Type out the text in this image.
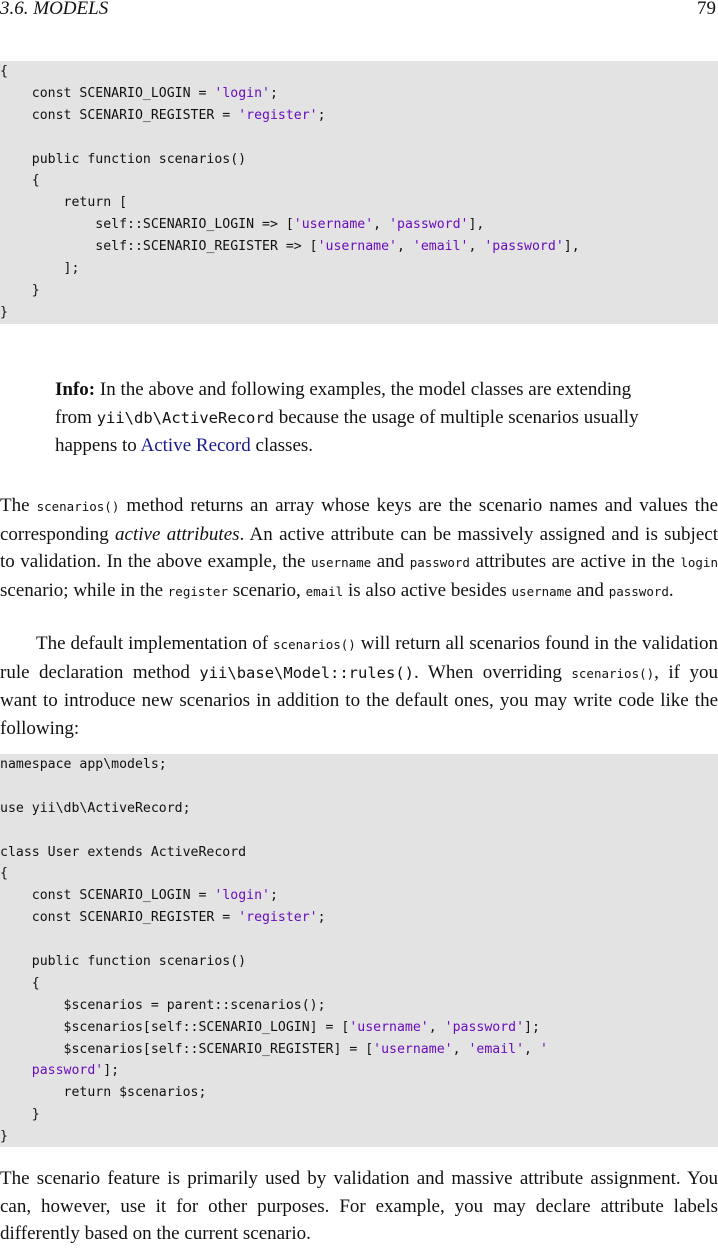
3.6. MODELS	79
{
const SCENARIO_LOGIN = 'login';
const SCENARIO_REGISTER = 'register';
public function scenarios()
{
return [
self::SCENARIO_LOGIN => ['username', 'password'],
self::SCENARIO_REGISTER => ['username', 'email', 'password'],
];
}
}
Info: In the above and following examples, the model classes are extending from yii\db\ActiveRecord because the usage of multiple scenarios usually happens to Active Record classes.
The scenarios() method returns an array whose keys are the scenario names and values the corresponding active attributes. An active attribute can be massively assigned and is subject to validation. In the above example, the username and password attributes are active in the login scenario; while in the register scenario, email is also active besides username and password.
The default implementation of scenarios() will return all scenarios found in the validation rule declaration method yii\base\Model::rules(). When overriding scenarios(), if you want to introduce new scenarios in addition to the default ones, you may write code like the following:
namespace app\models;
use yii\db\ActiveRecord;
class User extends ActiveRecord
{
const SCENARIO_LOGIN = 'login';
const SCENARIO_REGISTER = 'register';
public function scenarios()
{
$scenarios = parent::scenarios();
$scenarios[self::SCENARIO_LOGIN] = ['username', 'password'];
$scenarios[self::SCENARIO_REGISTER] = ['username', 'email', '
password'];
return $scenarios;
}
}
The scenario feature is primarily used by validation and massive attribute assignment. You can, however, use it for other purposes. For example, you may declare attribute labels differently based on the current scenario.
